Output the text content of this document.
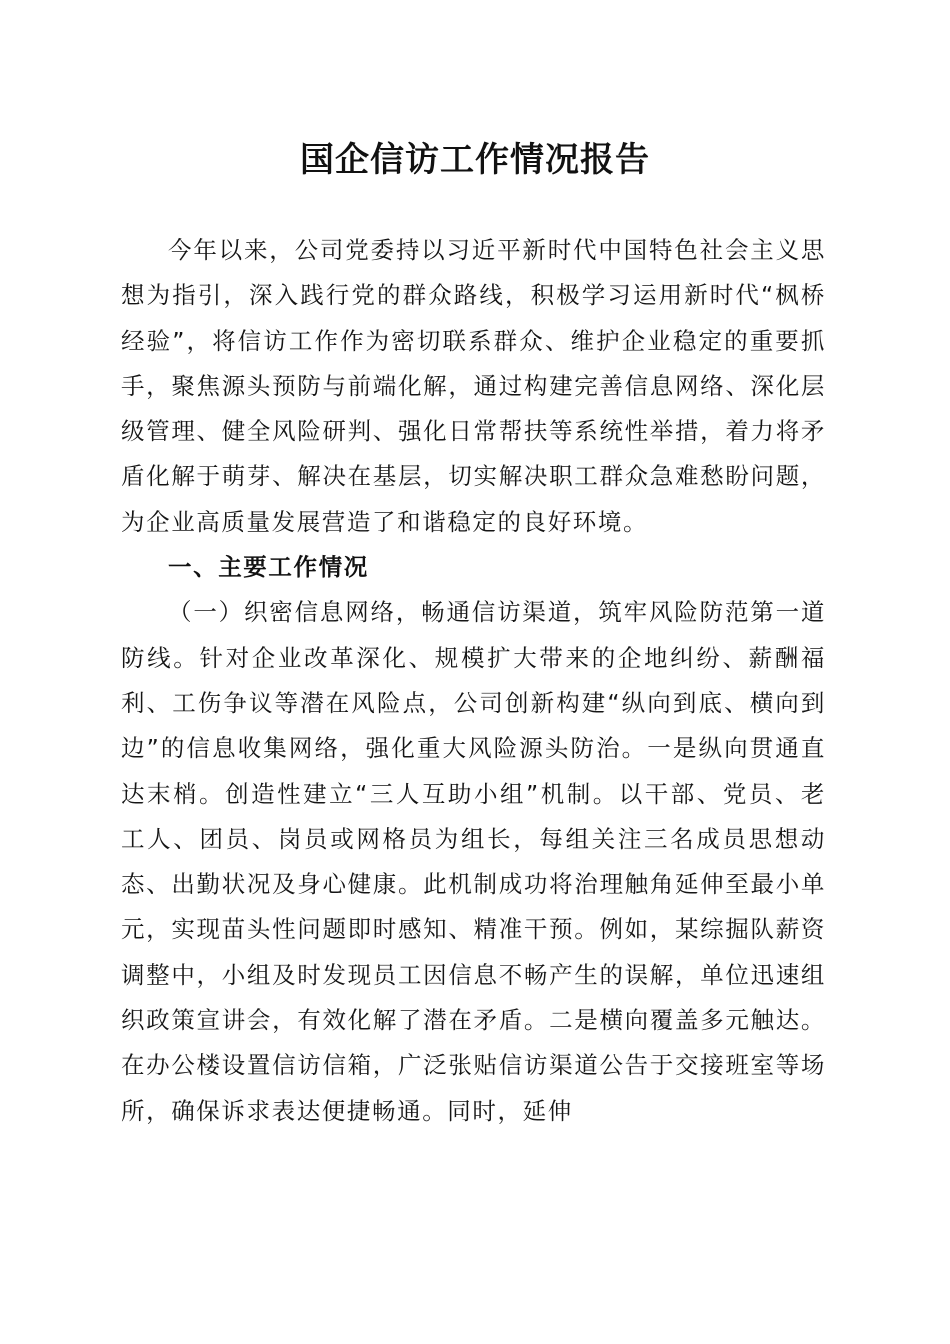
国企信访工作情况报告

今年以来，公司党委持以习近平新时代中国特色社会主义思想为指引，深入践行党的群众路线，积极学习运用新时代“枫桥经验”，将信访工作作为密切联系群众、维护企业稳定的重要抓手，聚焦源头预防与前端化解，通过构建完善信息网络、深化层级管理、健全风险研判、强化日常帮扶等系统性举措，着力将矛盾化解于萌芽、解决在基层，切实解决职工群众急难愁盼问题，为企业高质量发展营造了和谐稳定的良好环境。

一、主要工作情况

（一）织密信息网络，畅通信访渠道，筑牢风险防范第一道防线。针对企业改革深化、规模扩大带来的企地纠纷、薪酬福利、工伤争议等潜在风险点，公司创新构建“纵向到底、横向到边”的信息收集网络，强化重大风险源头防治。一是纵向贯通直达末梢。创造性建立“三人互助小组”机制。以干部、党员、老工人、团员、岗员或网格员为组长，每组关注三名成员思想动态、出勤状况及身心健康。此机制成功将治理触角延伸至最小单元，实现苗头性问题即时感知、精准干预。例如，某综掘队薪资调整中，小组及时发现员工因信息不畅产生的误解，单位迅速组织政策宣讲会，有效化解了潜在矛盾。二是横向覆盖多元触达。在办公楼设置信访信箱，广泛张贴信访渠道公告于交接班室等场所，确保诉求表达便捷畅通。同时，延伸
